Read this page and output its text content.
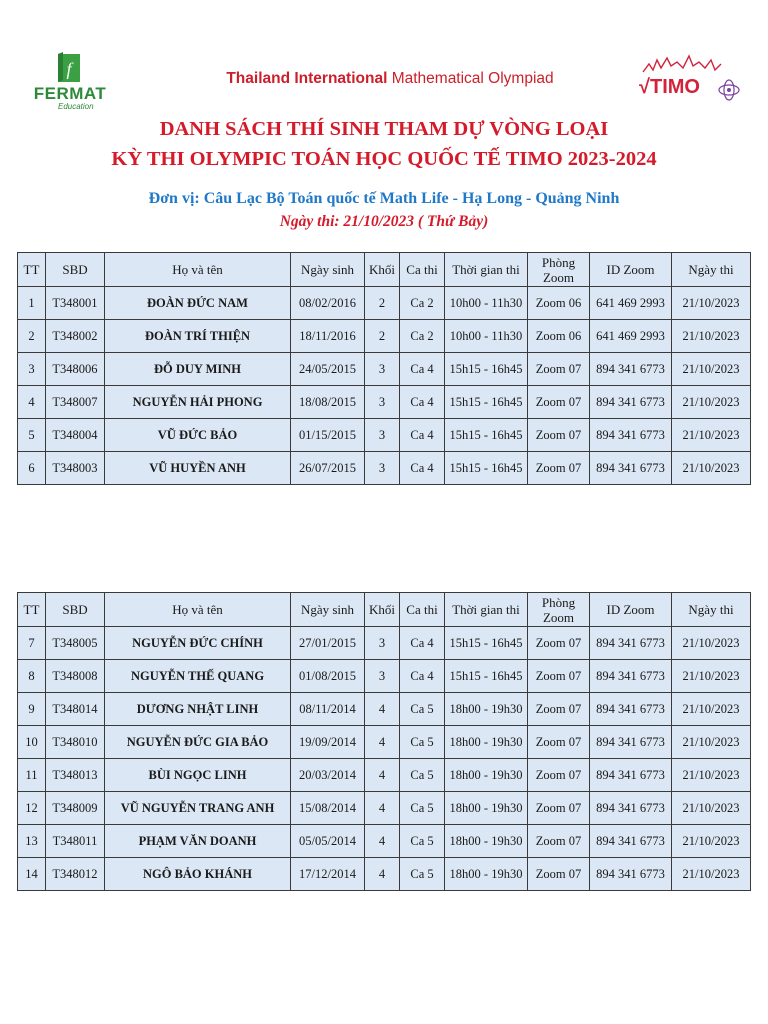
f
FERMAT
Education
Thailand International Mathematical Olympiad	√TIMO
DANH SÁCH THÍ SINH THAM DỰ VÒNG LOẠI
KỲ THI OLYMPIC TOÁN HỌC QUỐC TẾ TIMO 2023-2024
Đơn vị: Câu Lạc Bộ Toán quốc tế Math Life - Hạ Long - Quảng Ninh
Ngày thi: 21/10/2023 ( Thứ Bảy)
TT	SBD	Họ và tên	Ngày sinh	Khối	Ca thi	Thời gian thi	Phòng Zoom	ID Zoom	Ngày thi
1	T348001	ĐOÀN ĐỨC NAM	08/02/2016	2	Ca 2	10h00 - 11h30	Zoom 06	641 469 2993	21/10/2023
2	T348002	ĐOÀN TRÍ THIỆN	18/11/2016	2	Ca 2	10h00 - 11h30	Zoom 06	641 469 2993	21/10/2023
3	T348006	ĐỖ DUY MINH	24/05/2015	3	Ca 4	15h15 - 16h45	Zoom 07	894 341 6773	21/10/2023
4	T348007	NGUYỄN HẢI PHONG	18/08/2015	3	Ca 4	15h15 - 16h45	Zoom 07	894 341 6773	21/10/2023
5	T348004	VŨ ĐỨC BẢO	01/15/2015	3	Ca 4	15h15 - 16h45	Zoom 07	894 341 6773	21/10/2023
6	T348003	VŨ HUYỀN ANH	26/07/2015	3	Ca 4	15h15 - 16h45	Zoom 07	894 341 6773	21/10/2023
TT	SBD	Họ và tên	Ngày sinh	Khối	Ca thi	Thời gian thi	Phòng Zoom	ID Zoom	Ngày thi
7	T348005	NGUYỄN ĐỨC CHÍNH	27/01/2015	3	Ca 4	15h15 - 16h45	Zoom 07	894 341 6773	21/10/2023
8	T348008	NGUYỄN THẾ QUANG	01/08/2015	3	Ca 4	15h15 - 16h45	Zoom 07	894 341 6773	21/10/2023
9	T348014	DƯƠNG NHẬT LINH	08/11/2014	4	Ca 5	18h00 - 19h30	Zoom 07	894 341 6773	21/10/2023
10	T348010	NGUYỄN ĐỨC GIA BẢO	19/09/2014	4	Ca 5	18h00 - 19h30	Zoom 07	894 341 6773	21/10/2023
11	T348013	BÙI NGỌC LINH	20/03/2014	4	Ca 5	18h00 - 19h30	Zoom 07	894 341 6773	21/10/2023
12	T348009	VŨ NGUYỄN TRANG ANH	15/08/2014	4	Ca 5	18h00 - 19h30	Zoom 07	894 341 6773	21/10/2023
13	T348011	PHẠM VĂN DOANH	05/05/2014	4	Ca 5	18h00 - 19h30	Zoom 07	894 341 6773	21/10/2023
14	T348012	NGÔ BẢO KHÁNH	17/12/2014	4	Ca 5	18h00 - 19h30	Zoom 07	894 341 6773	21/10/2023
